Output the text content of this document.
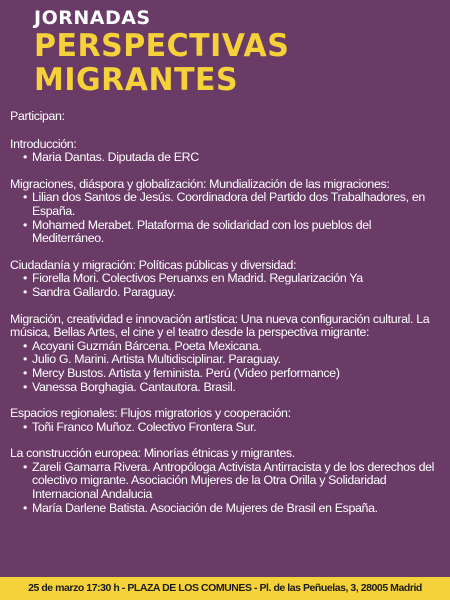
JORNADAS
PERSPECTIVAS
MIGRANTES
Participan:
Introducción:
• Maria Dantas. Diputada de ERC
Migraciones, diáspora y globalización: Mundialización de las migraciones:
• Lilian dos Santos de Jesús. Coordinadora del Partido dos Trabalhadores, en España.
• Mohamed Merabet. Plataforma de solidaridad con los pueblos del Mediterráneo.
Ciudadanía y migración: Políticas públicas y diversidad:
• Fiorella Mori. Colectivos Peruanxs en Madrid. Regularización Ya
• Sandra Gallardo. Paraguay.
Migración, creatividad e innovación artística: Una nueva configuración cultural. La música, Bellas Artes, el cine y el teatro desde la perspectiva migrante:
• Acoyani Guzmán Bárcena. Poeta Mexicana.
• Julio G. Marini. Artista Multidisciplinar. Paraguay.
• Mercy Bustos. Artista y feminista. Perú (Video performance)
• Vanessa Borghagia. Cantautora. Brasil.
Espacios regionales: Flujos migratorios y cooperación:
• Toñi Franco Muñoz. Colectivo Frontera Sur.
La construcción europea: Minorías étnicas y migrantes.
• Zareli Gamarra Rivera. Antropóloga Activista Antirracista y de los derechos del colectivo migrante. Asociación Mujeres de la Otra Orilla y Solidaridad Internacional Andalucia
• María Darlene Batista. Asociación de Mujeres de Brasil en España.
25 de marzo 17:30 h - PLAZA DE LOS COMUNES - Pl. de las Peñuelas, 3, 28005 Madrid
